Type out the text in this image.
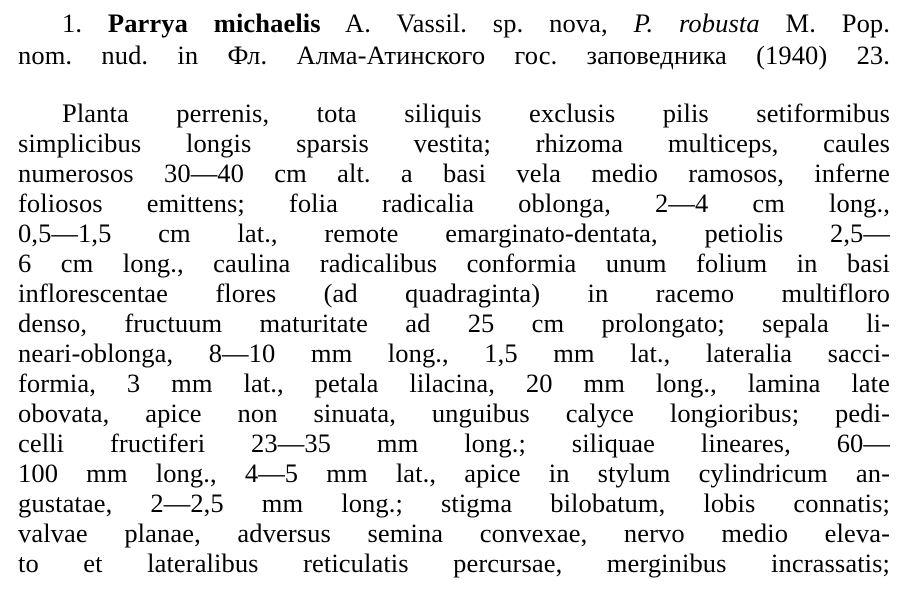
1. Parrya michaelis A. Vassil. sp. nova, P. robusta M. Pop.
nom. nud. in Фл. Алма-Атинского гос. заповедника (1940) 23.
Planta perrenis, tota siliquis exclusis pilis setiformibus
simplicibus longis sparsis vestita; rhizoma multiceps, caules
numerosos 30—40 cm alt. a basi vela medio ramosos, inferne
foliosos emittens; folia radicalia oblonga, 2—4 cm long.,
0,5—1,5 cm lat., remote emarginato-dentata, petiolis 2,5—
6 cm long., caulina radicalibus conformia unum folium in basi
inflorescentae flores (ad quadraginta) in racemo multifloro
denso, fructuum maturitate ad 25 cm prolongato; sepala li-
neari-oblonga, 8—10 mm long., 1,5 mm lat., lateralia sacci-
formia, 3 mm lat., petala lilacina, 20 mm long., lamina late
obovata, apice non sinuata, unguibus calyce longioribus; pedi-
celli fructiferi 23—35 mm long.; siliquae lineares, 60—
100 mm long., 4—5 mm lat., apice in stylum cylindricum an-
gustatae, 2—2,5 mm long.; stigma bilobatum, lobis connatis;
valvae planae, adversus semina convexae, nervo medio eleva-
to et lateralibus reticulatis percursae, merginibus incrassatis;
